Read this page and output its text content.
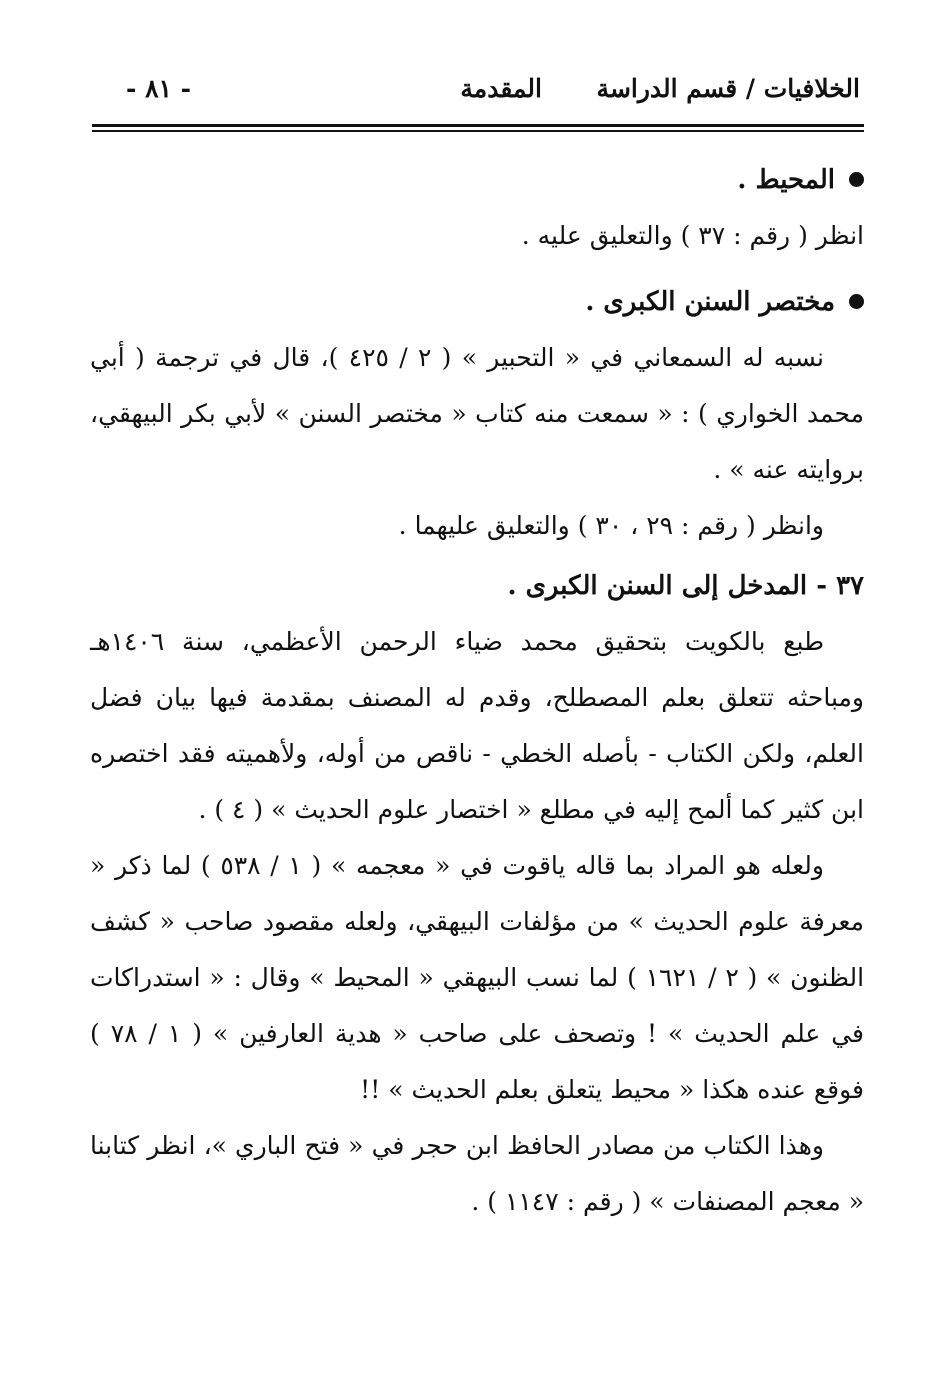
الخلافيات / قسم الدراسة
المقدمة
- ٨١ -

المحيط .

انظر ( رقم : ٣٧ ) والتعليق عليه .

مختصر السنن الكبرى .

نسبه له السمعاني في « التحبير » ( ٢ / ٤٢٥ )، قال في ترجمة ( أبي محمد الخواري ) : « سمعت منه كتاب « مختصر السنن » لأبي بكر البيهقي، بروايته عنه » .

وانظر ( رقم : ٢٩ ، ٣٠ ) والتعليق عليهما .

٣٧ - المدخل إلى السنن الكبرى .

طبع بالكويت بتحقيق محمد ضياء الرحمن الأعظمي، سنة ١٤٠٦هـ ومباحثه تتعلق بعلم المصطلح، وقدم له المصنف بمقدمة فيها بيان فضل العلم، ولكن الكتاب - بأصله الخطي - ناقص من أوله، ولأهميته فقد اختصره ابن كثير كما ألمح إليه في مطلع « اختصار علوم الحديث » ( ٤ ) .

ولعله هو المراد بما قاله ياقوت في « معجمه » ( ١ / ٥٣٨ ) لما ذكر « معرفة علوم الحديث » من مؤلفات البيهقي، ولعله مقصود صاحب « كشف الظنون » ( ٢ / ١٦٢١ ) لما نسب البيهقي « المحيط » وقال : « استدراكات في علم الحديث » ! وتصحف على صاحب « هدية العارفين » ( ١ / ٧٨ ) فوقع عنده هكذا « محيط يتعلق بعلم الحديث » !!

وهذا الكتاب من مصادر الحافظ ابن حجر في « فتح الباري »، انظر كتابنا « معجم المصنفات » ( رقم : ١١٤٧ ) .
